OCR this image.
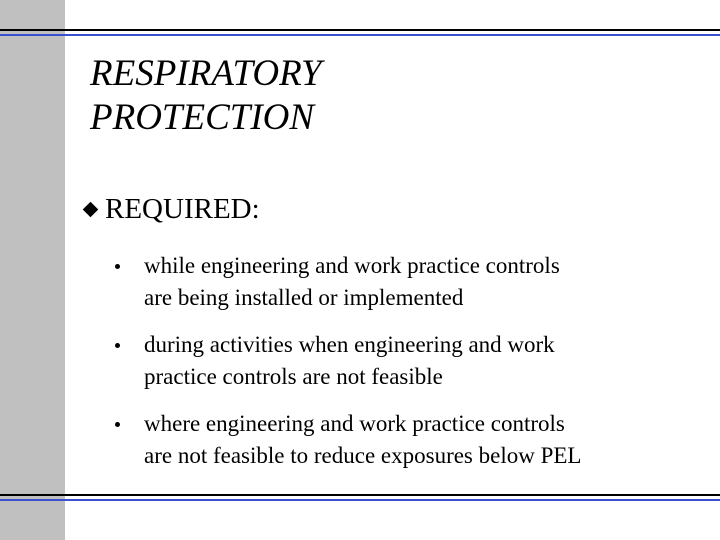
RESPIRATORY
PROTECTION
REQUIRED:
while engineering and work practice controls
are being installed or implemented
during activities when engineering and work
practice controls are not feasible
where engineering and work practice controls
are not feasible to reduce exposures below PEL
